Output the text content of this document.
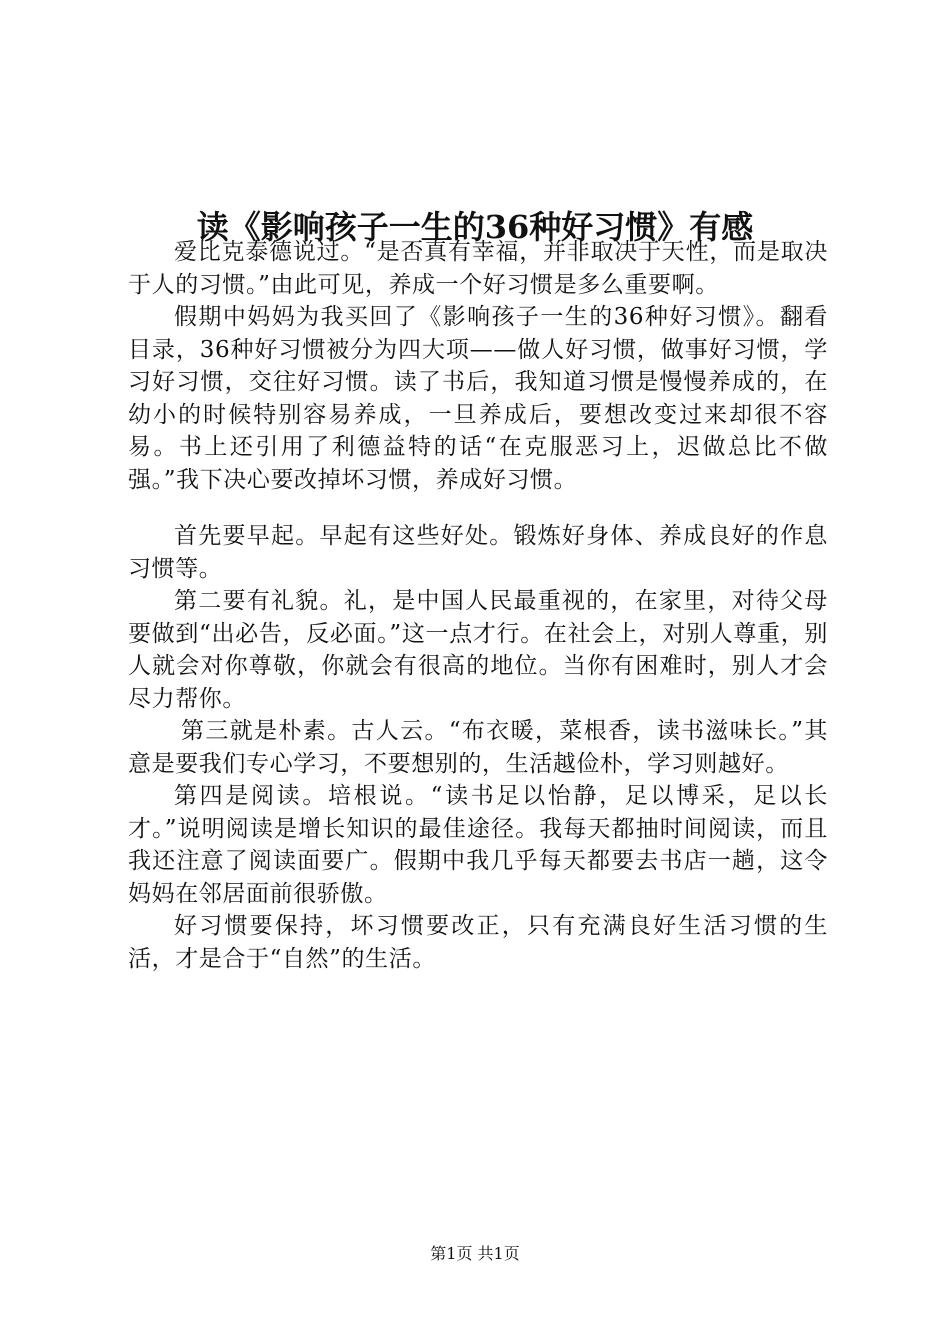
读《影响孩子一生的36种好习惯》有感

爱比克泰德说过。“是否真有幸福，并非取决于天性，而是取决于人的习惯。”由此可见，养成一个好习惯是多么重要啊。

假期中妈妈为我买回了《影响孩子一生的36种好习惯》。翻看目录，36种好习惯被分为四大项——做人好习惯，做事好习惯，学习好习惯，交往好习惯。读了书后，我知道习惯是慢慢养成的，在幼小的时候特别容易养成，一旦养成后，要想改变过来却很不容易。书上还引用了利德益特的话“在克服恶习上，迟做总比不做强。”我下决心要改掉坏习惯，养成好习惯。

首先要早起。早起有这些好处。锻炼好身体、养成良好的作息习惯等。

第二要有礼貌。礼，是中国人民最重视的，在家里，对待父母要做到“出必告，反必面。”这一点才行。在社会上，对别人尊重，别人就会对你尊敬，你就会有很高的地位。当你有困难时，别人才会尽力帮你。

第三就是朴素。古人云。“布衣暖，菜根香，读书滋味长。”其意是要我们专心学习，不要想别的，生活越俭朴，学习则越好。

第四是阅读。培根说。“读书足以怡静，足以博采，足以长才。”说明阅读是增长知识的最佳途径。我每天都抽时间阅读，而且我还注意了阅读面要广。假期中我几乎每天都要去书店一趟，这令妈妈在邻居面前很骄傲。

好习惯要保持，坏习惯要改正，只有充满良好生活习惯的生活，才是合于“自然”的生活。

第1页 共1页
